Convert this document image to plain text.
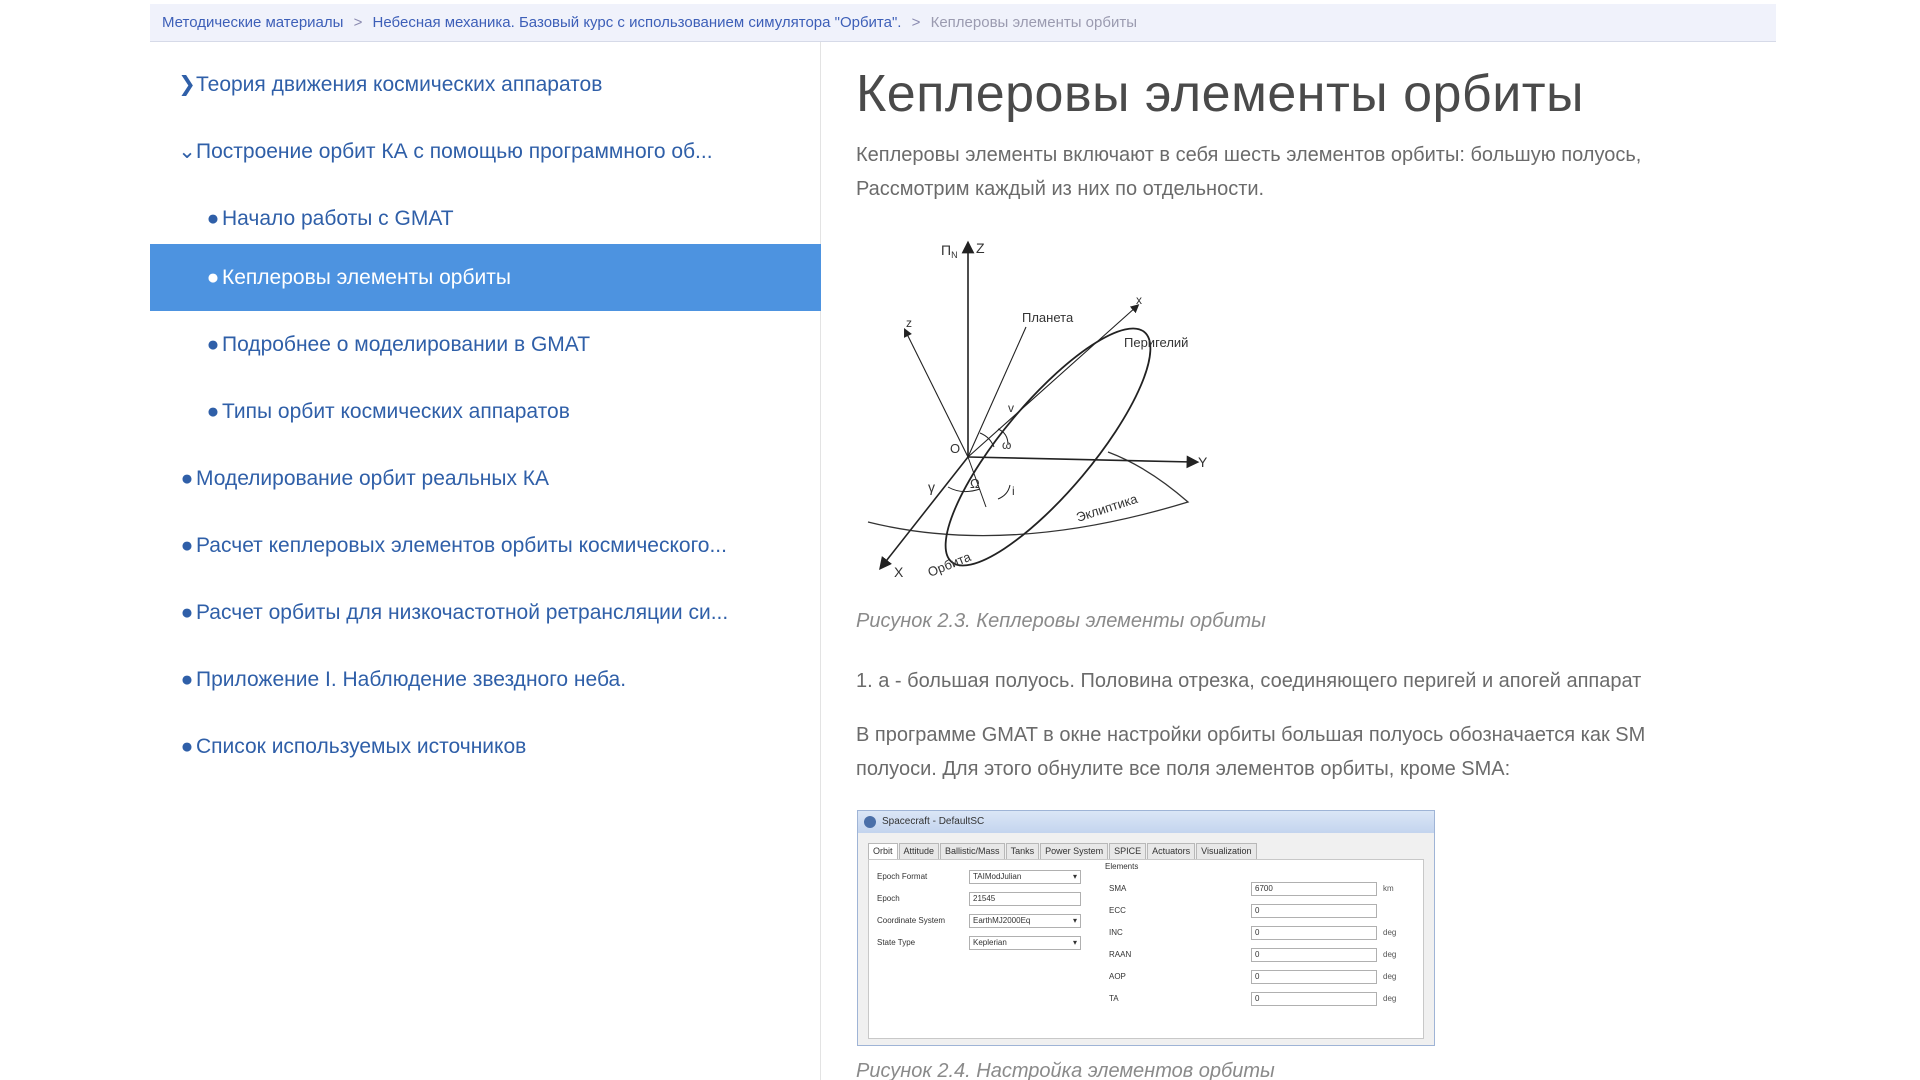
Методические материалы > Небесная механика. Базовый курс с использованием симулятора "Орбита". > Кеплеровы элементы орбиты
❯Теория движения космических аппаратов
⌄Построение орбит КА с помощью программного об...
● Начало работы с GMAT
● Кеплеровы элементы орбиты
● Подробнее о моделировании в GMAT
● Типы орбит космических аппаратов
● Моделирование орбит реальных КА
● Расчет кеплеровых элементов орбиты космического...
● Расчет орбиты для низкочастотной ретрансляции си...
● Приложение I. Наблюдение звездного неба.
● Список используемых источников
Кеплеровы элементы орбиты
Кеплеровы элементы включают в себя шесть элементов орбиты: большую полуось,
Рассмотрим каждый из них по отдельности.
$П_N$ Z
z
x
Планета
Перигелий
O
v
ω
Ω
γ	i
Y
X
Эклиптика
Орбита
Рисунок 2.3. Кеплеровы элементы орбиты
1. a - большая полуось. Половина отрезка, соединяющего перигей и апогей аппарат
В программе GMAT в окне настройки орбиты большая полуось обозначается как SM
полуоси. Для этого обнулите все поля элементов орбиты, кроме SMA:
Spacecraft - DefaultSC
Orbit	Attitude	Ballistic/Mass	Tanks	Power System	SPICE	Actuators	Visualization
Epoch Format	TAIModJulian ▾
Epoch	21545
Coordinate System	EarthMJ2000Eq ▾
State Type	Keplerian ▾
Elements
SMA	6700	km
ECC	0
INC	0	deg
RAAN	0	deg
AOP	0	deg
TA	0	deg
Рисунок 2.4. Настройка элементов орбиты
